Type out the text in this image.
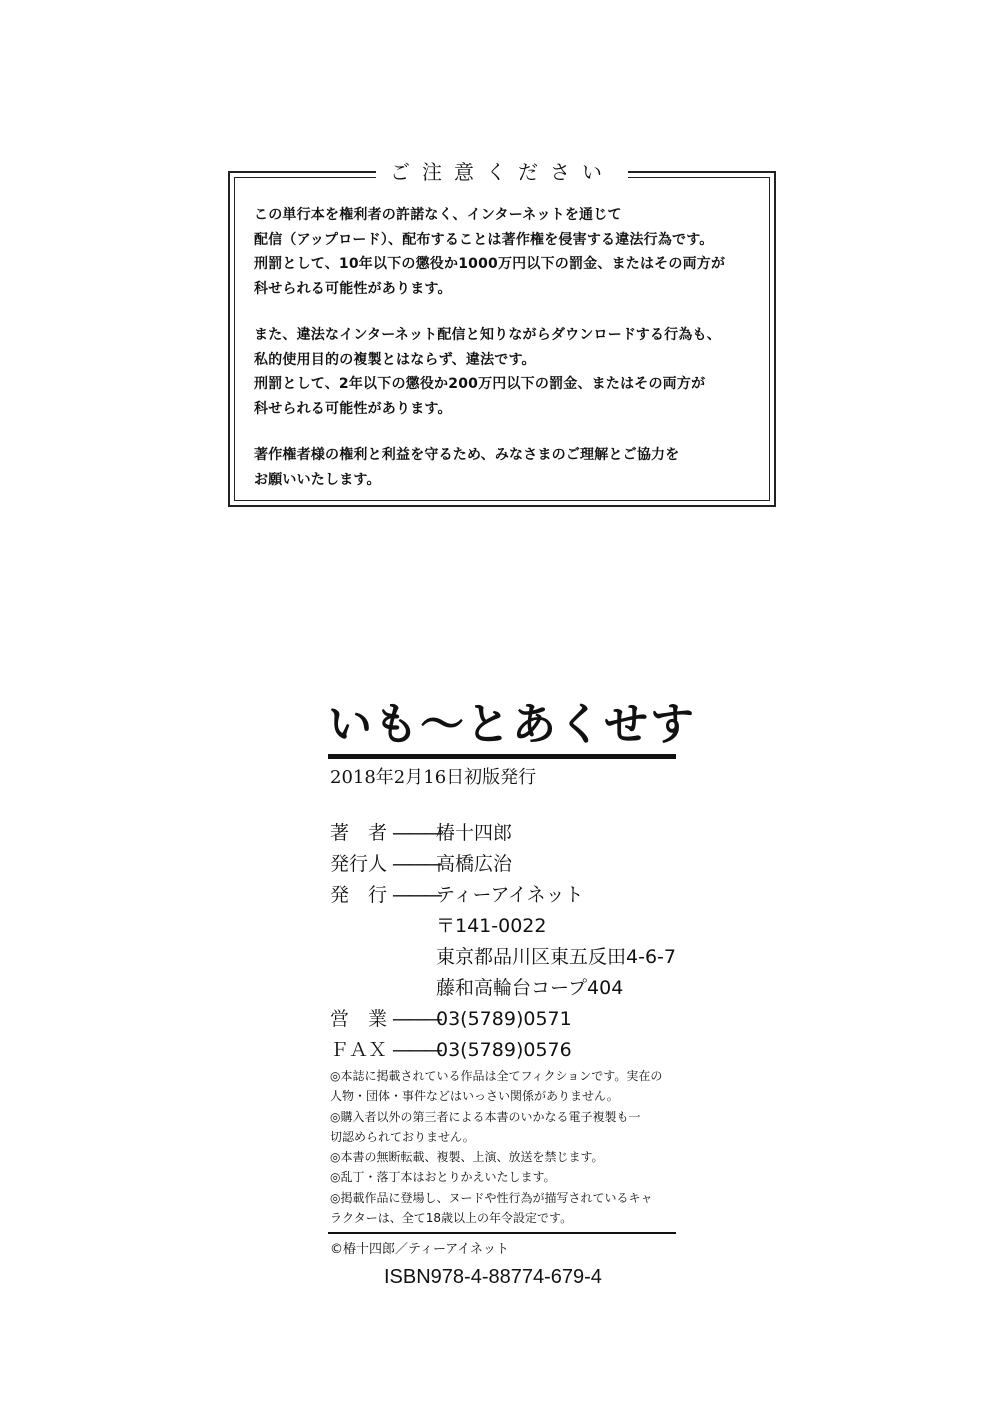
ご注意ください
この単行本を権利者の許諾なく、インターネットを通じて
配信（アップロード）、配布することは著作権を侵害する違法行為です。
刑罰として、10年以下の懲役か1000万円以下の罰金、またはその両方が
科せられる可能性があります。
また、違法なインターネット配信と知りながらダウンロードする行為も、
私的使用目的の複製とはならず、違法です。
刑罰として、2年以下の懲役か200万円以下の罰金、またはその両方が
科せられる可能性があります。
著作権者様の権利と利益を守るため、みなさまのご理解とご協力を
お願いいたします。
いも〜とあくせす
2018年2月16日初版発行
著　者 ———椿十四郎
発行人 ———高橋広治
発　行 ———ティーアイネット
〒141-0022
東京都品川区東五反田4-6-7
藤和高輪台コープ404
営　業 ———03(5789)0571
ＦＡＸ ———03(5789)0576
◎本誌に掲載されている作品は全てフィクションです。実在の
人物・団体・事件などはいっさい関係がありません。
◎購入者以外の第三者による本書のいかなる電子複製も一
切認められておりません。
◎本書の無断転載、複製、上演、放送を禁じます。
◎乱丁・落丁本はおとりかえいたします。
◎掲載作品に登場し、ヌードや性行為が描写されているキャ
ラクターは、全て18歳以上の年令設定です。
©椿十四郎／ティーアイネット
ISBN978-4-88774-679-4
